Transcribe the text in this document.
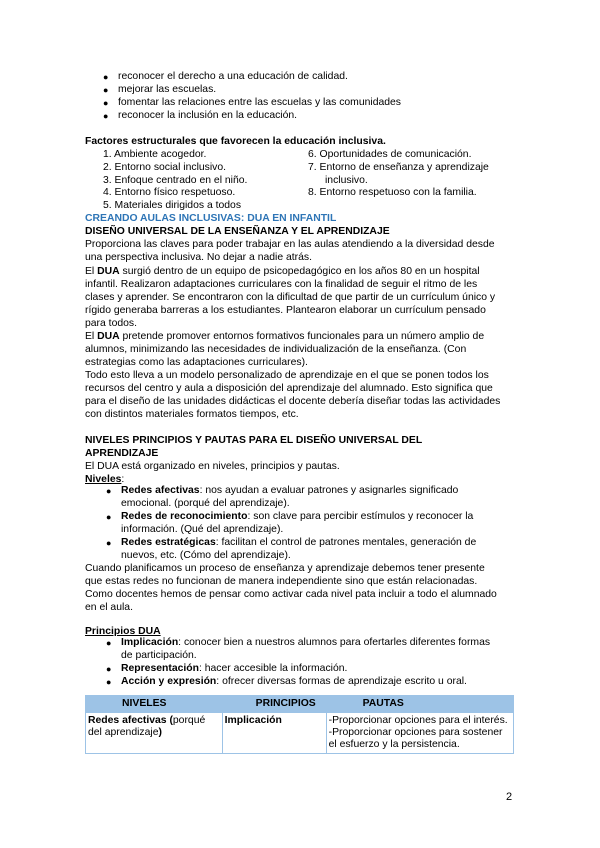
● reconocer el derecho a una educación de calidad.
● mejorar las escuelas.
● fomentar las relaciones entre las escuelas y las comunidades
● reconocer la inclusión en la educación.
Factores estructurales que favorecen la educación inclusiva.
1. Ambiente acogedor.
2. Entorno social inclusivo.
3. Enfoque centrado en el niño.
4. Entorno físico respetuoso.
5. Materiales dirigidos a todos
6. Oportunidades de comunicación.
7. Entorno de enseñanza y aprendizaje
inclusivo.
8. Entorno respetuoso con la familia.
CREANDO AULAS INCLUSIVAS: DUA EN INFANTIL
DISEÑO UNIVERSAL DE LA ENSEÑANZA Y EL APRENDIZAJE
Proporciona las claves para poder trabajar en las aulas atendiendo a la diversidad desde
una perspectiva inclusiva. No dejar a nadie atrás.
El DUA surgió dentro de un equipo de psicopedagógico en los años 80 en un hospital
infantil. Realizaron adaptaciones curriculares con la finalidad de seguir el ritmo de les
clases y aprender. Se encontraron con la dificultad de que partir de un currículum único y
rígido generaba barreras a los estudiantes. Plantearon elaborar un currículum pensado
para todos.
El DUA pretende promover entornos formativos funcionales para un número amplio de
alumnos, minimizando las necesidades de individualización de la enseñanza. (Con
estrategias como las adaptaciones curriculares).
Todo esto lleva a un modelo personalizado de aprendizaje en el que se ponen todos los
recursos del centro y aula a disposición del aprendizaje del alumnado. Esto significa que
para el diseño de las unidades didácticas el docente debería diseñar todas las actividades
con distintos materiales formatos tiempos, etc.
NIVELES PRINCIPIOS Y PAUTAS PARA EL DISEÑO UNIVERSAL DEL
APRENDIZAJE
El DUA está organizado en niveles, principios y pautas.
Niveles:
● Redes afectivas: nos ayudan a evaluar patrones y asignarles significado
emocional. (porqué del aprendizaje).
● Redes de reconocimiento: son clave para percibir estímulos y reconocer la
información. (Qué del aprendizaje).
● Redes estratégicas: facilitan el control de patrones mentales, generación de
nuevos, etc. (Cómo del aprendizaje).
Cuando planificamos un proceso de enseñanza y aprendizaje debemos tener presente
que estas redes no funcionan de manera independiente sino que están relacionadas.
Como docentes hemos de pensar como activar cada nivel pata incluir a todo el alumnado
en el aula.
Principios DUA
● Implicación: conocer bien a nuestros alumnos para ofertarles diferentes formas
de participación.
● Representación: hacer accesible la información.
● Acción y expresión: ofrecer diversas formas de aprendizaje escrito u oral.
NIVELES	PRINCIPIOS	PAUTAS
Redes afectivas (porqué del aprendizaje)	Implicación	-Proporcionar opciones para el interés.
-Proporcionar opciones para sostener el esfuerzo y la persistencia.
2
